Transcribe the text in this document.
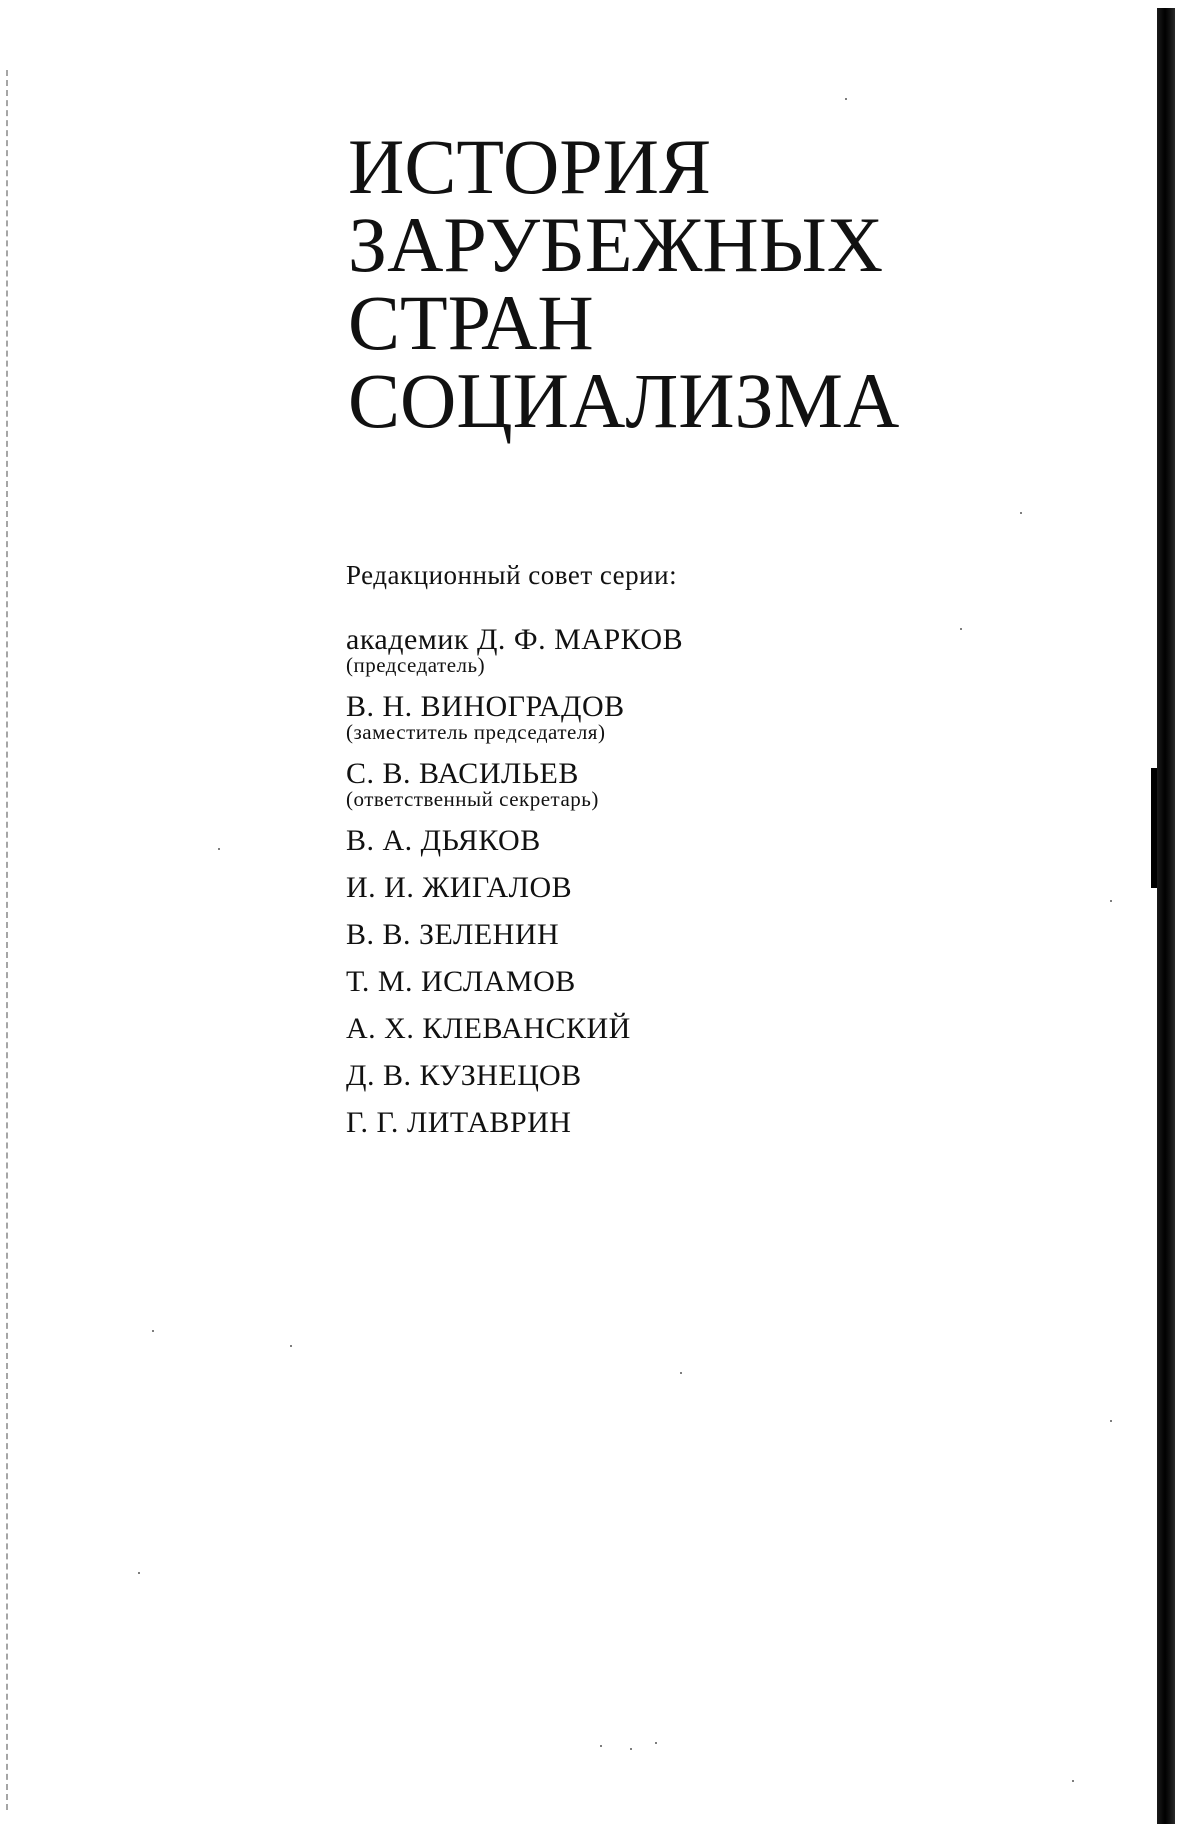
ИСТОРИЯ

ЗАРУБЕЖНЫХ

СТРАН

СОЦИАЛИЗМА

Редакционный совет серии:

академик Д. Ф. МАРКОВ
(председатель)
В. Н. ВИНОГРАДОВ
(заместитель председателя)
С. В. ВАСИЛЬЕВ
(ответственный секретарь)
В. А. ДЬЯКОВ
И. И. ЖИГАЛОВ
В. В. ЗЕЛЕНИН
Т. М. ИСЛАМОВ
А. Х. КЛЕВАНСКИЙ
Д. В. КУЗНЕЦОВ
Г. Г. ЛИТАВРИН
